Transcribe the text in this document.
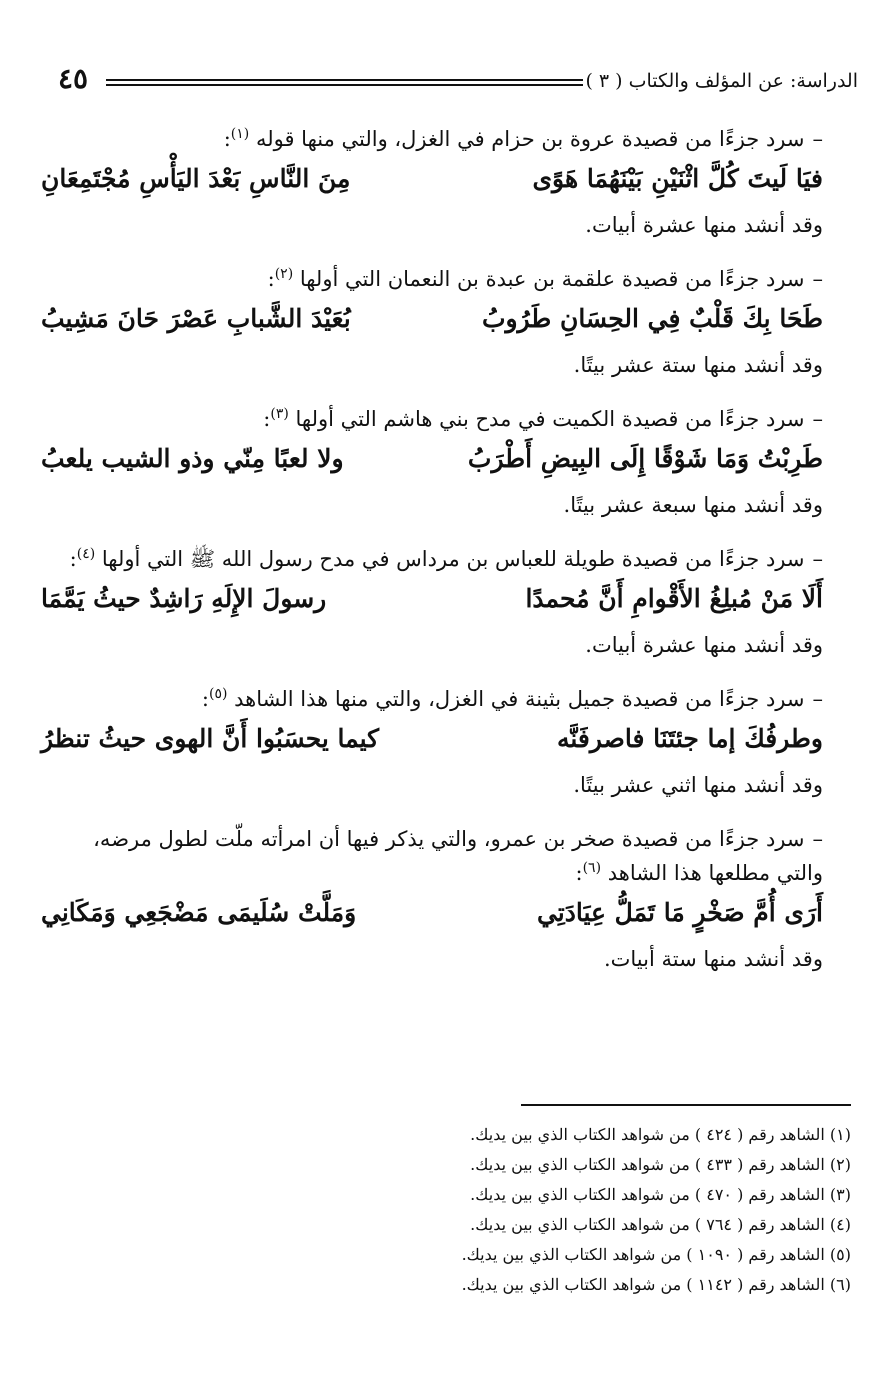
الدراسة: عن المؤلف والكتاب ( ٣ )
٤٥
–سرد جزءًا من قصيدة عروة بن حزام في الغزل، والتي منها قوله $^{(١)}$:
فيَا لَيتَ كُلَّ اثْنَيْنِ بَيْنَهُمَا هَوًى
مِنَ النَّاسِ بَعْدَ اليَأْسِ مُجْتَمِعَانِ
وقد أنشد منها عشرة أبيات.
–سرد جزءًا من قصيدة علقمة بن عبدة بن النعمان التي أولها $^{(٢)}$:
طَحَا بِكَ قَلْبٌ فِي الحِسَانِ طَرُوبُ
بُعَيْدَ الشَّبابِ عَصْرَ حَانَ مَشِيبُ
وقد أنشد منها ستة عشر بيتًا.
–سرد جزءًا من قصيدة الكميت في مدح بني هاشم التي أولها $^{(٣)}$:
طَرِبْتُ وَمَا شَوْقًا إِلَى البِيضِ أَطْرَبُ
ولا لعبًا مِنّي وذو الشيب يلعبُ
وقد أنشد منها سبعة عشر بيتًا.
–سرد جزءًا من قصيدة طويلة للعباس بن مرداس في مدح رسول الله ﷺ التي أولها $^{(٤)}$:
أَلَا مَنْ مُبلِغُ الأَقْوامِ أَنَّ مُحمدًا
رسولَ الإِلَهِ رَاشِدٌ حيثُ يَمَّمَا
وقد أنشد منها عشرة أبيات.
–سرد جزءًا من قصيدة جميل بثينة في الغزل، والتي منها هذا الشاهد $^{(٥)}$:
وطرفُكَ إما جئتَنَا فاصرفَنَّه
كيما يحسَبُوا أَنَّ الهوى حيثُ تنظرُ
وقد أنشد منها اثني عشر بيتًا.
–سرد جزءًا من قصيدة صخر بن عمرو، والتي يذكر فيها أن امرأته ملّت لطول مرضه، والتي مطلعها هذا الشاهد $^{(٦)}$:
أَرَى أُمَّ صَخْرٍ مَا تَمَلُّ عِيَادَتِي
وَمَلَّتْ سُلَيمَى مَضْجَعِي وَمَكَانِي
وقد أنشد منها ستة أبيات.
(١) الشاهد رقم ( ٤٢٤ ) من شواهد الكتاب الذي بين يديك.
(٢) الشاهد رقم ( ٤٣٣ ) من شواهد الكتاب الذي بين يديك.
(٣) الشاهد رقم ( ٤٧٠ ) من شواهد الكتاب الذي بين يديك.
(٤) الشاهد رقم ( ٧٦٤ ) من شواهد الكتاب الذي بين يديك.
(٥) الشاهد رقم ( ١٠٩٠ ) من شواهد الكتاب الذي بين يديك.
(٦) الشاهد رقم ( ١١٤٢ ) من شواهد الكتاب الذي بين يديك.
